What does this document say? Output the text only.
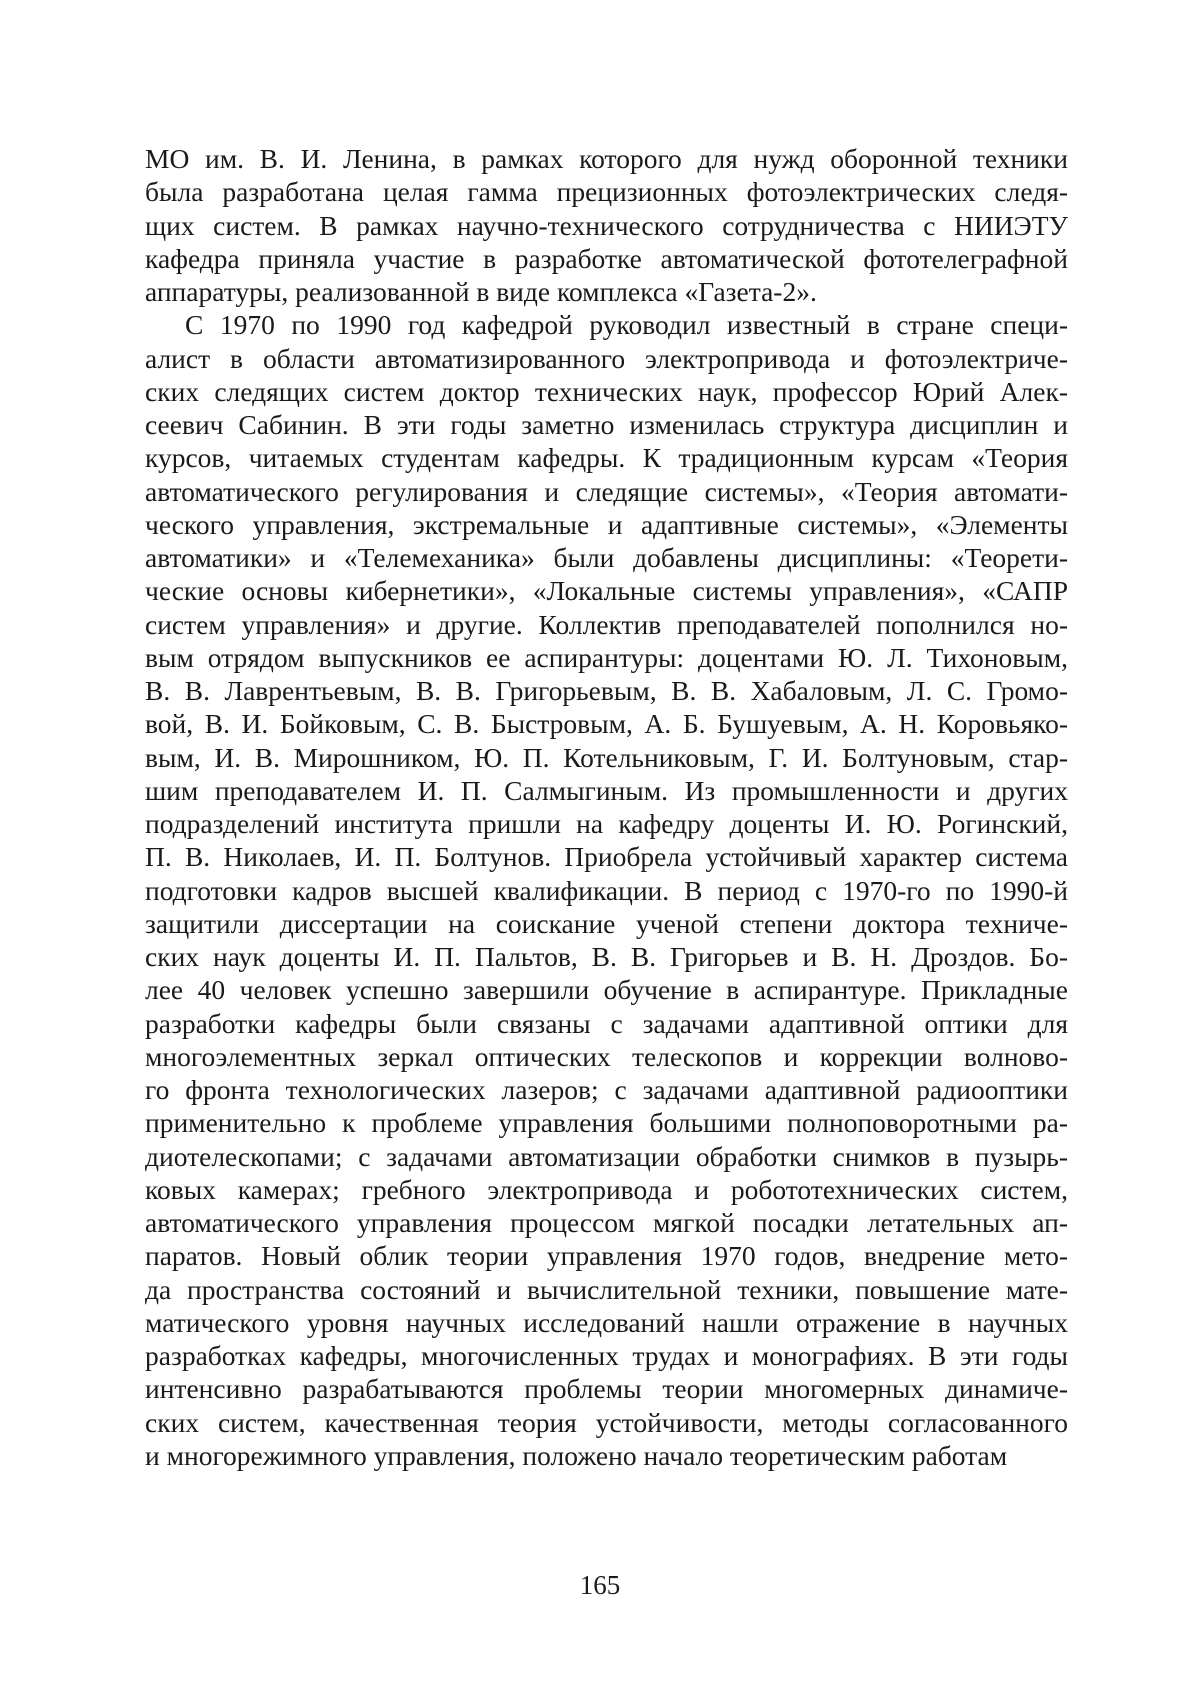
МО им. В. И. Ленина, в рамках которого для нужд оборонной техники
была разработана целая гамма прецизионных фотоэлектрических следя-
щих систем. В рамках научно-технического сотрудничества с НИИЭТУ
кафедра приняла участие в разработке автоматической фототелеграфной
аппаратуры, реализованной в виде комплекса «Газета-2».
С 1970 по 1990 год кафедрой руководил известный в стране специ-
алист в области автоматизированного электропривода и фотоэлектриче-
ских следящих систем доктор технических наук, профессор Юрий Алек-
сеевич Сабинин. В эти годы заметно изменилась структура дисциплин и
курсов, читаемых студентам кафедры. К традиционным курсам «Теория
автоматического регулирования и следящие системы», «Теория автомати-
ческого управления, экстремальные и адаптивные системы», «Элементы
автоматики» и «Телемеханика» были добавлены дисциплины: «Теорети-
ческие основы кибернетики», «Локальные системы управления», «САПР
систем управления» и другие. Коллектив преподавателей пополнился но-
вым отрядом выпускников ее аспирантуры: доцентами Ю. Л. Тихоновым,
В. В. Лаврентьевым, В. В. Григорьевым, В. В. Хабаловым, Л. С. Громо-
вой, В. И. Бойковым, С. В. Быстровым, А. Б. Бушуевым, А. Н. Коровьяко-
вым, И. В. Мирошником, Ю. П. Котельниковым, Г. И. Болтуновым, стар-
шим преподавателем И. П. Салмыгиным. Из промышленности и других
подразделений института пришли на кафедру доценты И. Ю. Рогинский,
П. В. Николаев, И. П. Болтунов. Приобрела устойчивый характер система
подготовки кадров высшей квалификации. В период с 1970-го по 1990-й
защитили диссертации на соискание ученой степени доктора техниче-
ских наук доценты И. П. Пальтов, В. В. Григорьев и В. Н. Дроздов. Бо-
лее 40 человек успешно завершили обучение в аспирантуре. Прикладные
разработки кафедры были связаны с задачами адаптивной оптики для
многоэлементных зеркал оптических телескопов и коррекции волново-
го фронта технологических лазеров; с задачами адаптивной радиооптики
применительно к проблеме управления большими полноповоротными ра-
диотелескопами; с задачами автоматизации обработки снимков в пузырь-
ковых камерах; гребного электропривода и робототехнических систем,
автоматического управления процессом мягкой посадки летательных ап-
паратов. Новый облик теории управления 1970 годов, внедрение мето-
да пространства состояний и вычислительной техники, повышение мате-
матического уровня научных исследований нашли отражение в научных
разработках кафедры, многочисленных трудах и монографиях. В эти годы
интенсивно разрабатываются проблемы теории многомерных динамиче-
ских систем, качественная теория устойчивости, методы согласованного
и многорежимного управления, положено начало теоретическим работам
165
